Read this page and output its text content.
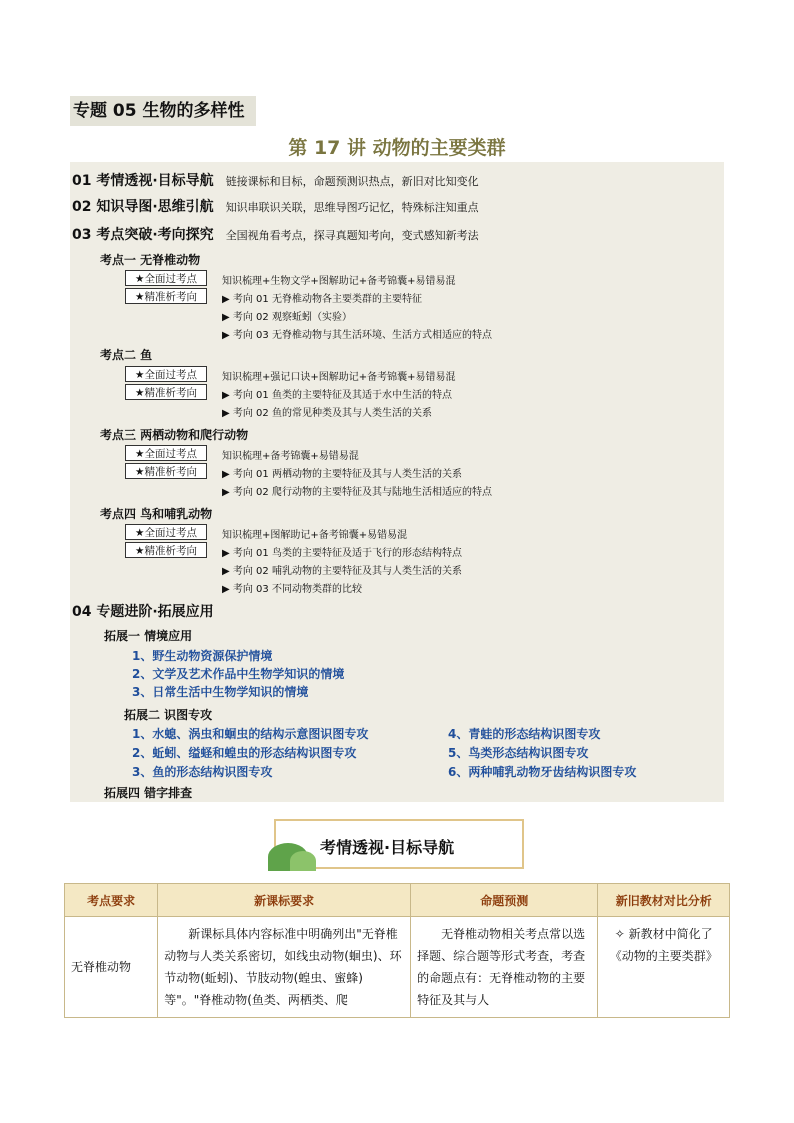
专题 05 生物的多样性
第 17 讲 动物的主要类群
01 考情透视·目标导航 链接课标和目标，命题预测识热点，新旧对比知变化
02 知识导图·思维引航 知识串联识关联，思维导图巧记忆，特殊标注知重点
03 考点突破·考向探究 全国视角看考点，探寻真题知考向，变式感知新考法
考点一 无脊椎动物
★全面过考点
★精准析考向
知识梳理+生物文学+图解助记+备考锦囊+易错易混
▶ 考向 01 无脊椎动物各主要类群的主要特征
▶ 考向 02 观察蚯蚓（实验）
▶ 考向 03 无脊椎动物与其生活环境、生活方式相适应的特点
考点二 鱼
★全面过考点
★精准析考向
知识梳理+强记口诀+图解助记+备考锦囊+易错易混
▶ 考向 01 鱼类的主要特征及其适于水中生活的特点
▶ 考向 02 鱼的常见种类及其与人类生活的关系
考点三 两栖动物和爬行动物
★全面过考点
★精准析考向
知识梳理+备考锦囊+易错易混
▶ 考向 01 两栖动物的主要特征及其与人类生活的关系
▶ 考向 02 爬行动物的主要特征及其与陆地生活相适应的特点
考点四 鸟和哺乳动物
★全面过考点
★精准析考向
知识梳理+图解助记+备考锦囊+易错易混
▶ 考向 01 鸟类的主要特征及适于飞行的形态结构特点
▶ 考向 02 哺乳动物的主要特征及其与人类生活的关系
▶ 考向 03 不同动物类群的比较
04 专题进阶·拓展应用
拓展一 情境应用
1、野生动物资源保护情境
2、文学及艺术作品中生物学知识的情境
3、日常生活中生物学知识的情境
拓展二 识图专攻
1、水螅、涡虫和蛔虫的结构示意图识图专攻
2、蚯蚓、缢蛏和蝗虫的形态结构识图专攻
3、鱼的形态结构识图专攻
4、青蛙的形态结构识图专攻
5、鸟类形态结构识图专攻
6、两种哺乳动物牙齿结构识图专攻
拓展四 错字排查
考情透视·目标导航
考点要求	新课标要求	命题预测	新旧教材对比分析
无脊椎动物	新课标具体内容标准中明确列出"无脊椎动物与人类关系密切，如线虫动物(蛔虫)、环节动物(蚯蚓)、节肢动物(蝗虫、蜜蜂)等"。"脊椎动物(鱼类、两栖类、爬	无脊椎动物相关考点常以选择题、综合题等形式考查，考查的命题点有：无脊椎动物的主要特征及其与人	✧ 新教材中简化了《动物的主要类群》
